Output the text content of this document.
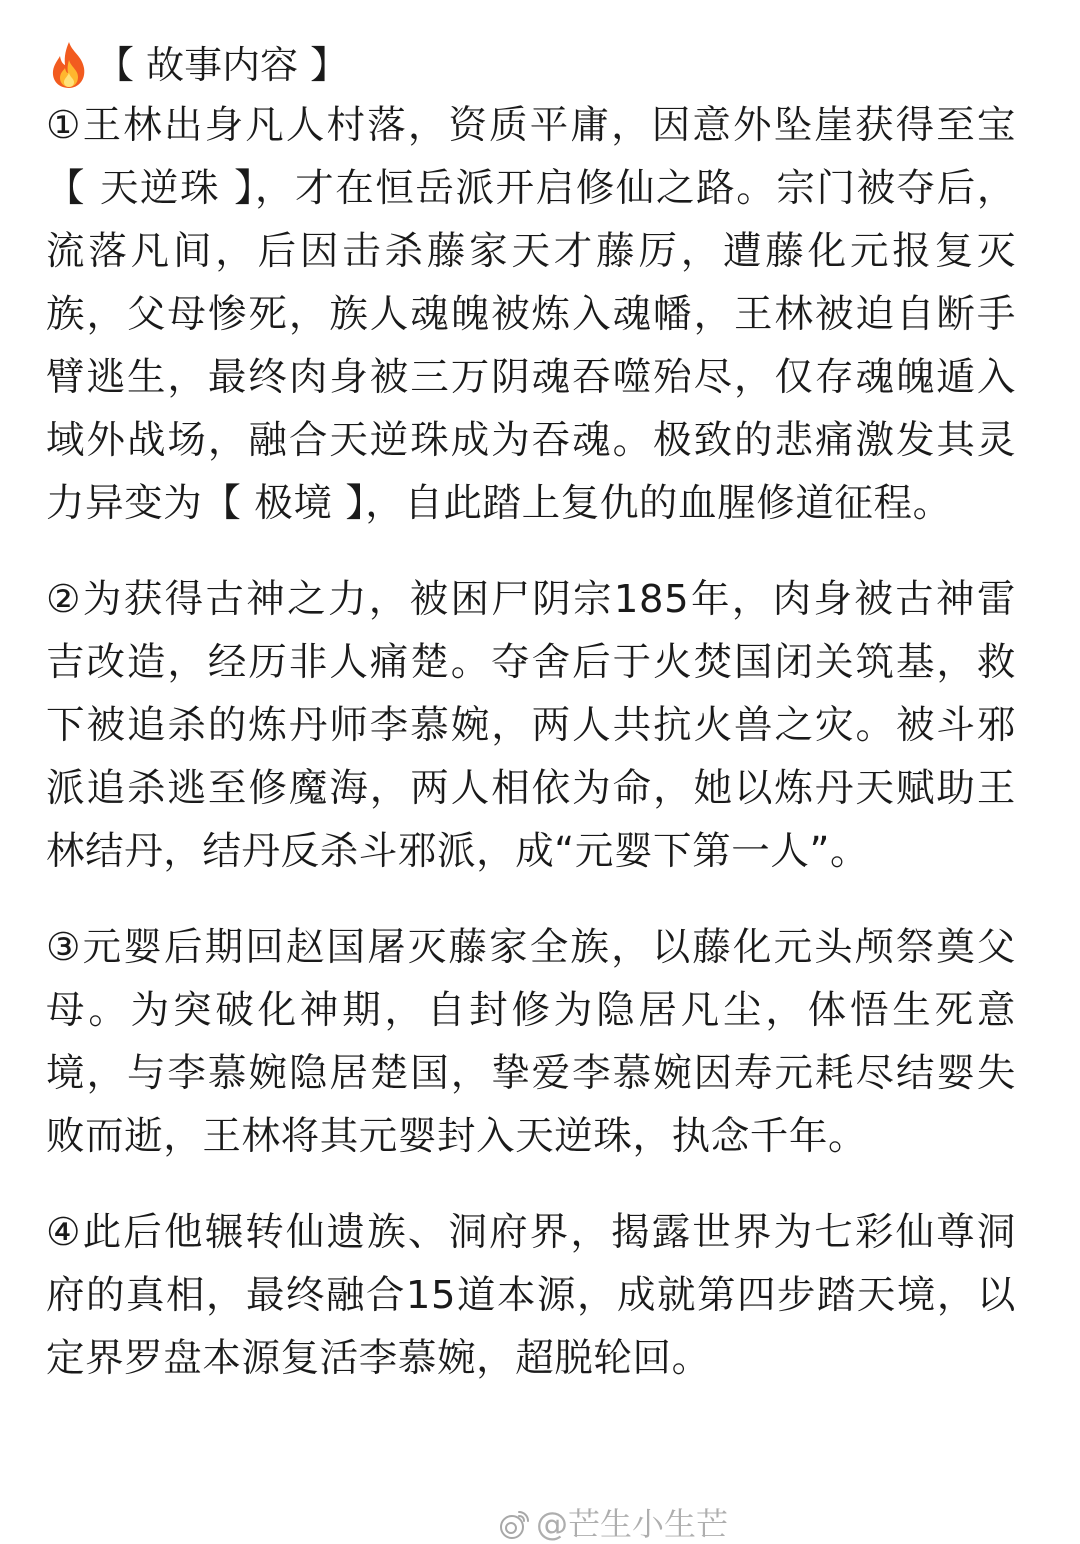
【 故事内容 】

①王林出身凡人村落，资质平庸，因意外坠崖获得至宝【 天逆珠 】，才在恒岳派开启修仙之路。宗门被夺后，流落凡间，后因击杀藤家天才藤厉，遭藤化元报复灭族，父母惨死，族人魂魄被炼入魂幡，王林被迫自断手臂逃生，最终肉身被三万阴魂吞噬殆尽，仅存魂魄遁入域外战场，融合天逆珠成为吞魂。极致的悲痛激发其灵力异变为【 极境 】，自此踏上复仇的血腥修道征程。

②为获得古神之力，被困尸阴宗185年，肉身被古神雷吉改造，经历非人痛楚。夺舍后于火焚国闭关筑基，救下被追杀的炼丹师李慕婉，两人共抗火兽之灾。被斗邪派追杀逃至修魔海，两人相依为命，她以炼丹天赋助王林结丹，结丹反杀斗邪派，成“元婴下第一人”。

③元婴后期回赵国屠灭藤家全族，以藤化元头颅祭奠父母。为突破化神期，自封修为隐居凡尘，体悟生死意境，与李慕婉隐居楚国，挚爱李慕婉因寿元耗尽结婴失败而逝，王林将其元婴封入天逆珠，执念千年。

④此后他辗转仙遗族、洞府界，揭露世界为七彩仙尊洞府的真相，最终融合15道本源，成就第四步踏天境，以定界罗盘本源复活李慕婉，超脱轮回。

@芒生小生芒
